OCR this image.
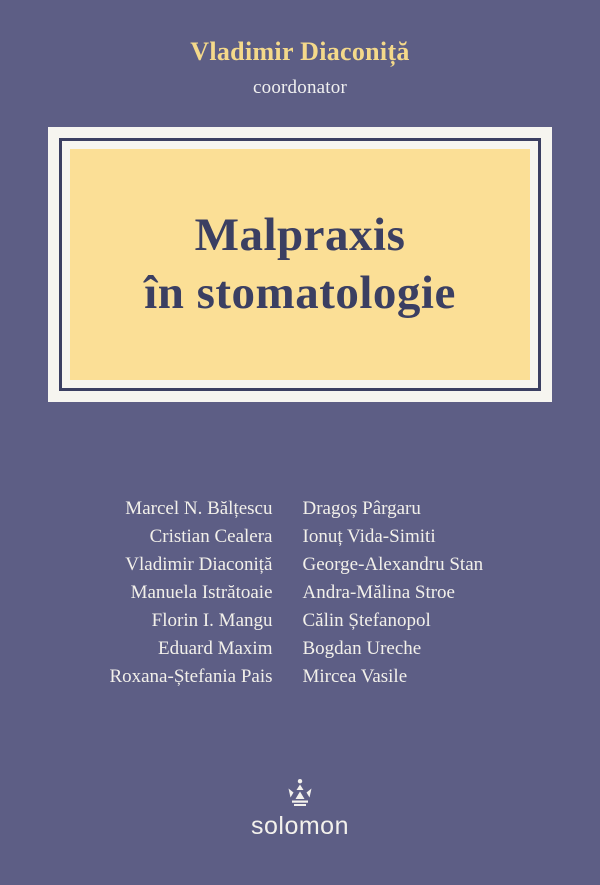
Vladimir Diaconiță
coordonator
Malpraxis
în stomatologie
Marcel N. Bălțescu
Cristian Cealera
Vladimir Diaconiță
Manuela Istrătoaie
Florin I. Mangu
Eduard Maxim
Roxana-Ștefania Pais
Dragoș Pârgaru
Ionuț Vida-Simiti
George-Alexandru Stan
Andra-Mălina Stroe
Călin Ștefanopol
Bogdan Ureche
Mircea Vasile
solomon
